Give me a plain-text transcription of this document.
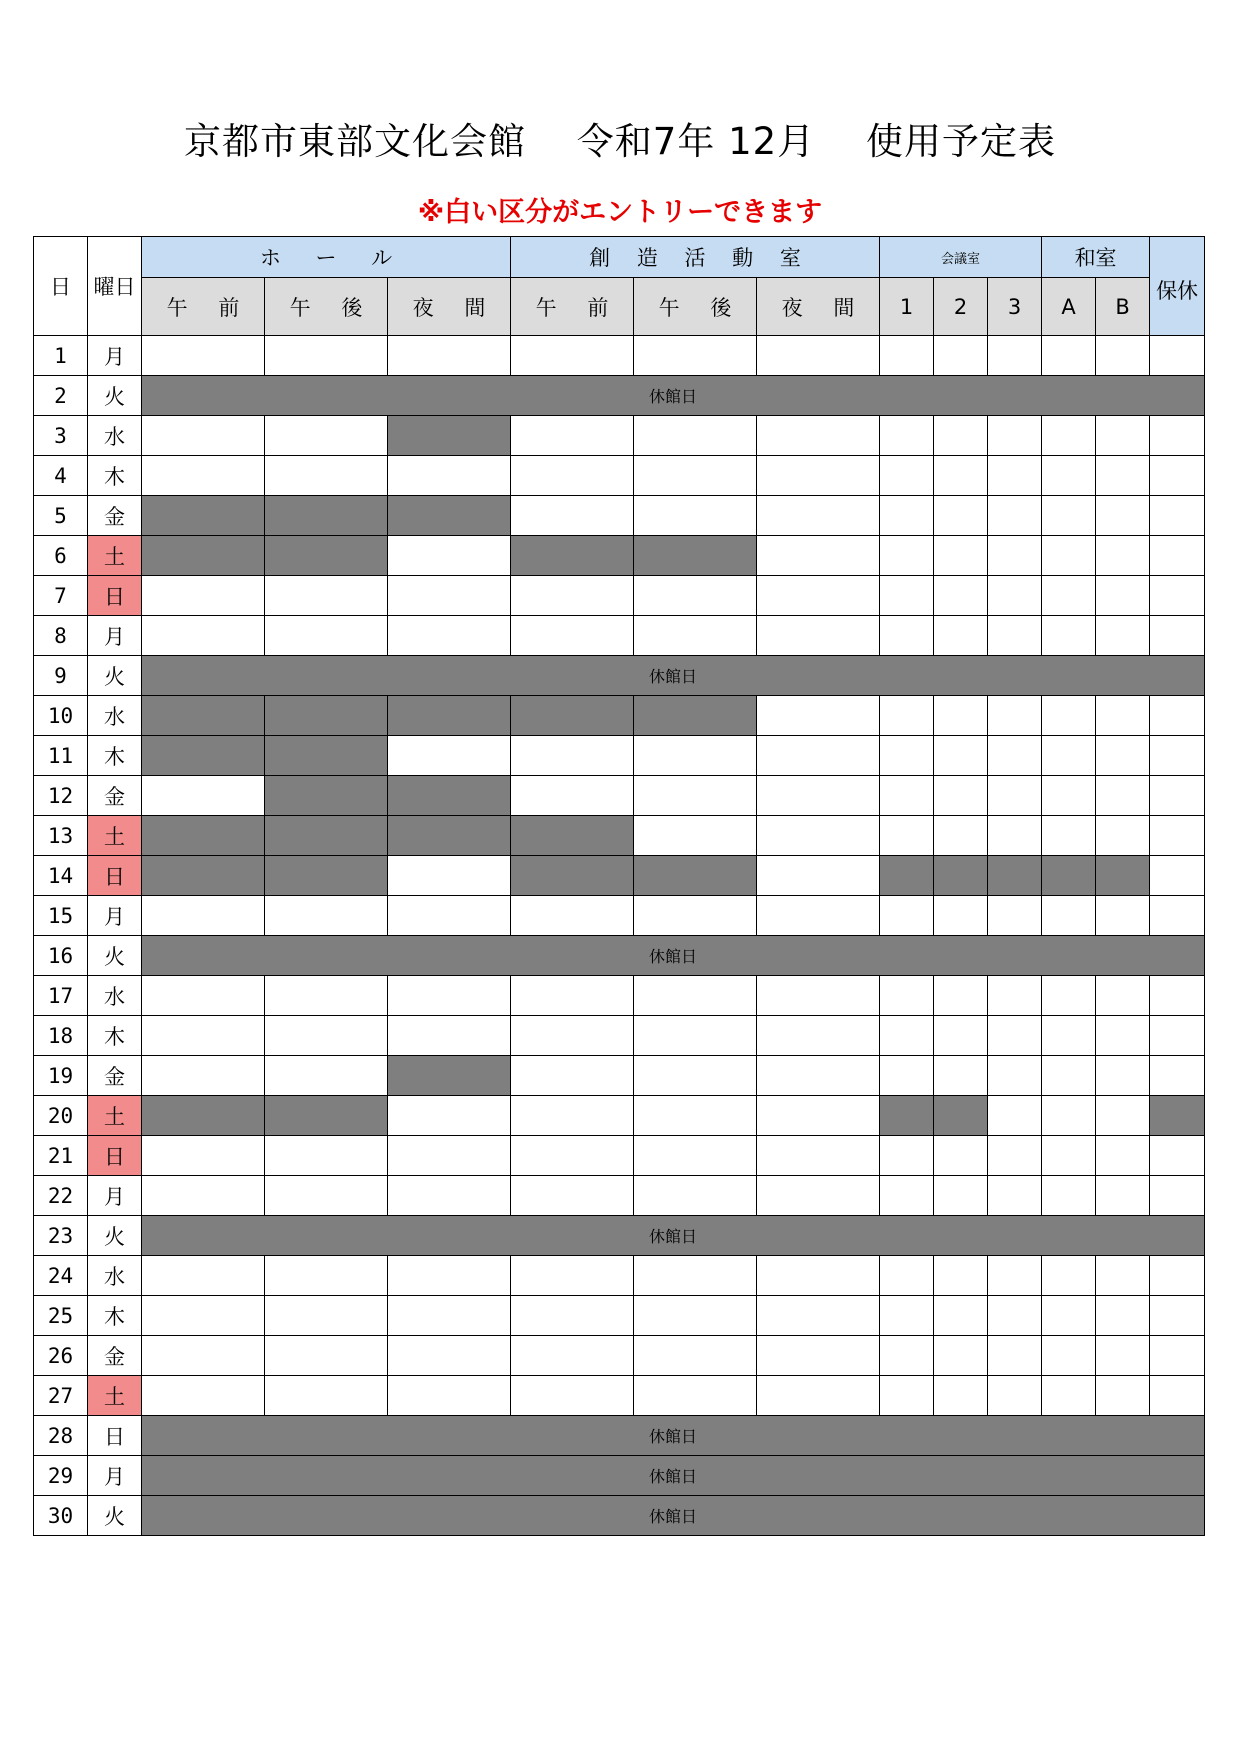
京都市東部文化会館　 令和7年 12月　 使用予定表
※白い区分がエントリーできます
日	曜日	ホ ー ル			創 造 活 動 室			会議室			和室		保休
		午 前	午 後	夜 間	午 前	午 後	夜 間	1	2	3	A	B	
1	月												
2	火	休館日											
3	水												
4	木												
5	金												
6	土												
7	日												
8	月												
9	火	休館日											
10	水												
11	木												
12	金												
13	土												
14	日												
15	月												
16	火	休館日											
17	水												
18	木												
19	金												
20	土												
21	日												
22	月												
23	火	休館日											
24	水												
25	木												
26	金												
27	土												
28	日	休館日											
29	月	休館日											
30	火	休館日											
